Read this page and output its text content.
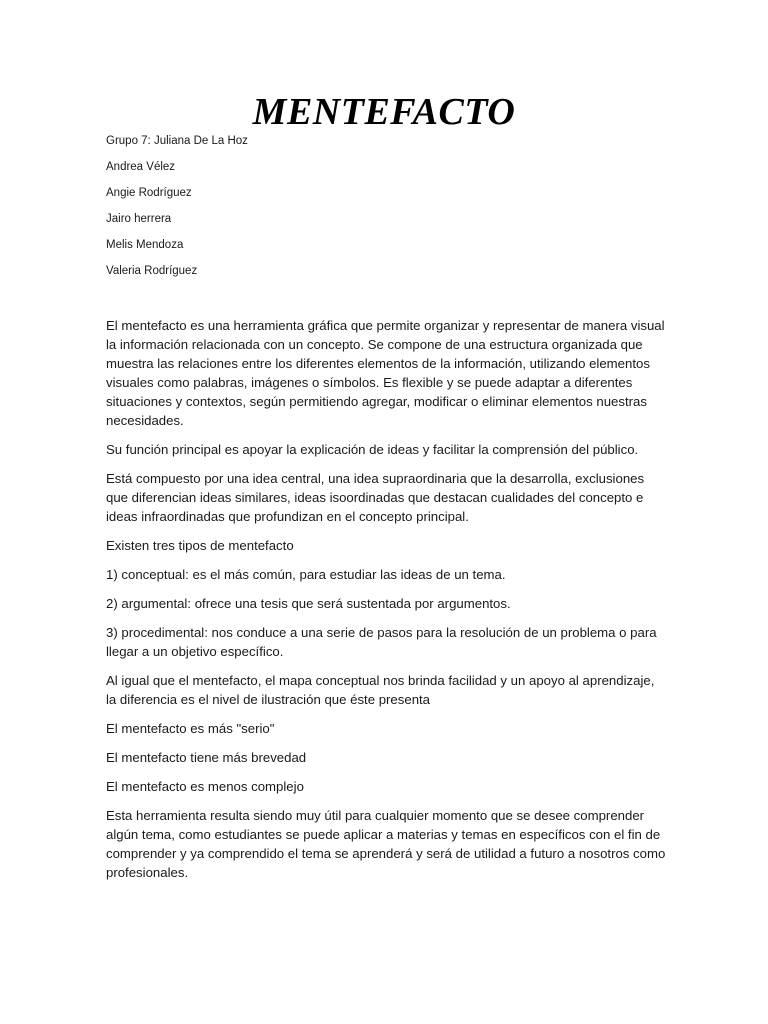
MENTEFACTO
Grupo 7: Juliana De La Hoz
Andrea Vélez
Angie Rodríguez
Jairo herrera
Melis Mendoza
Valeria Rodríguez

El mentefacto es una herramienta gráfica que permite organizar y representar de manera visual la información relacionada con un concepto. Se compone de una estructura organizada que muestra las relaciones entre los diferentes elementos de la información, utilizando elementos visuales como palabras, imágenes o símbolos. Es flexible y se puede adaptar a diferentes situaciones y contextos, según permitiendo agregar, modificar o eliminar elementos nuestras necesidades.

Su función principal es apoyar la explicación de ideas y facilitar la comprensión del público.

Está compuesto por una idea central, una idea supraordinaria que la desarrolla, exclusiones que diferencian ideas similares, ideas isoordinadas que destacan cualidades del concepto e ideas infraordinadas que profundizan en el concepto principal.

Existen tres tipos de mentefacto

1) conceptual: es el más común, para estudiar las ideas de un tema.

2) argumental: ofrece una tesis que será sustentada por argumentos.

3) procedimental: nos conduce a una serie de pasos para la resolución de un problema o para llegar a un objetivo específico.

Al igual que el mentefacto, el mapa conceptual nos brinda facilidad y un apoyo al aprendizaje, la diferencia es el nivel de ilustración que éste presenta

El mentefacto es más "serio"

El mentefacto tiene más brevedad

El mentefacto es menos complejo

Esta herramienta resulta siendo muy útil para cualquier momento que se desee comprender algún tema, como estudiantes se puede aplicar a materias y temas en específicos con el fin de comprender y ya comprendido el tema se aprenderá y será de utilidad a futuro a nosotros como profesionales.
